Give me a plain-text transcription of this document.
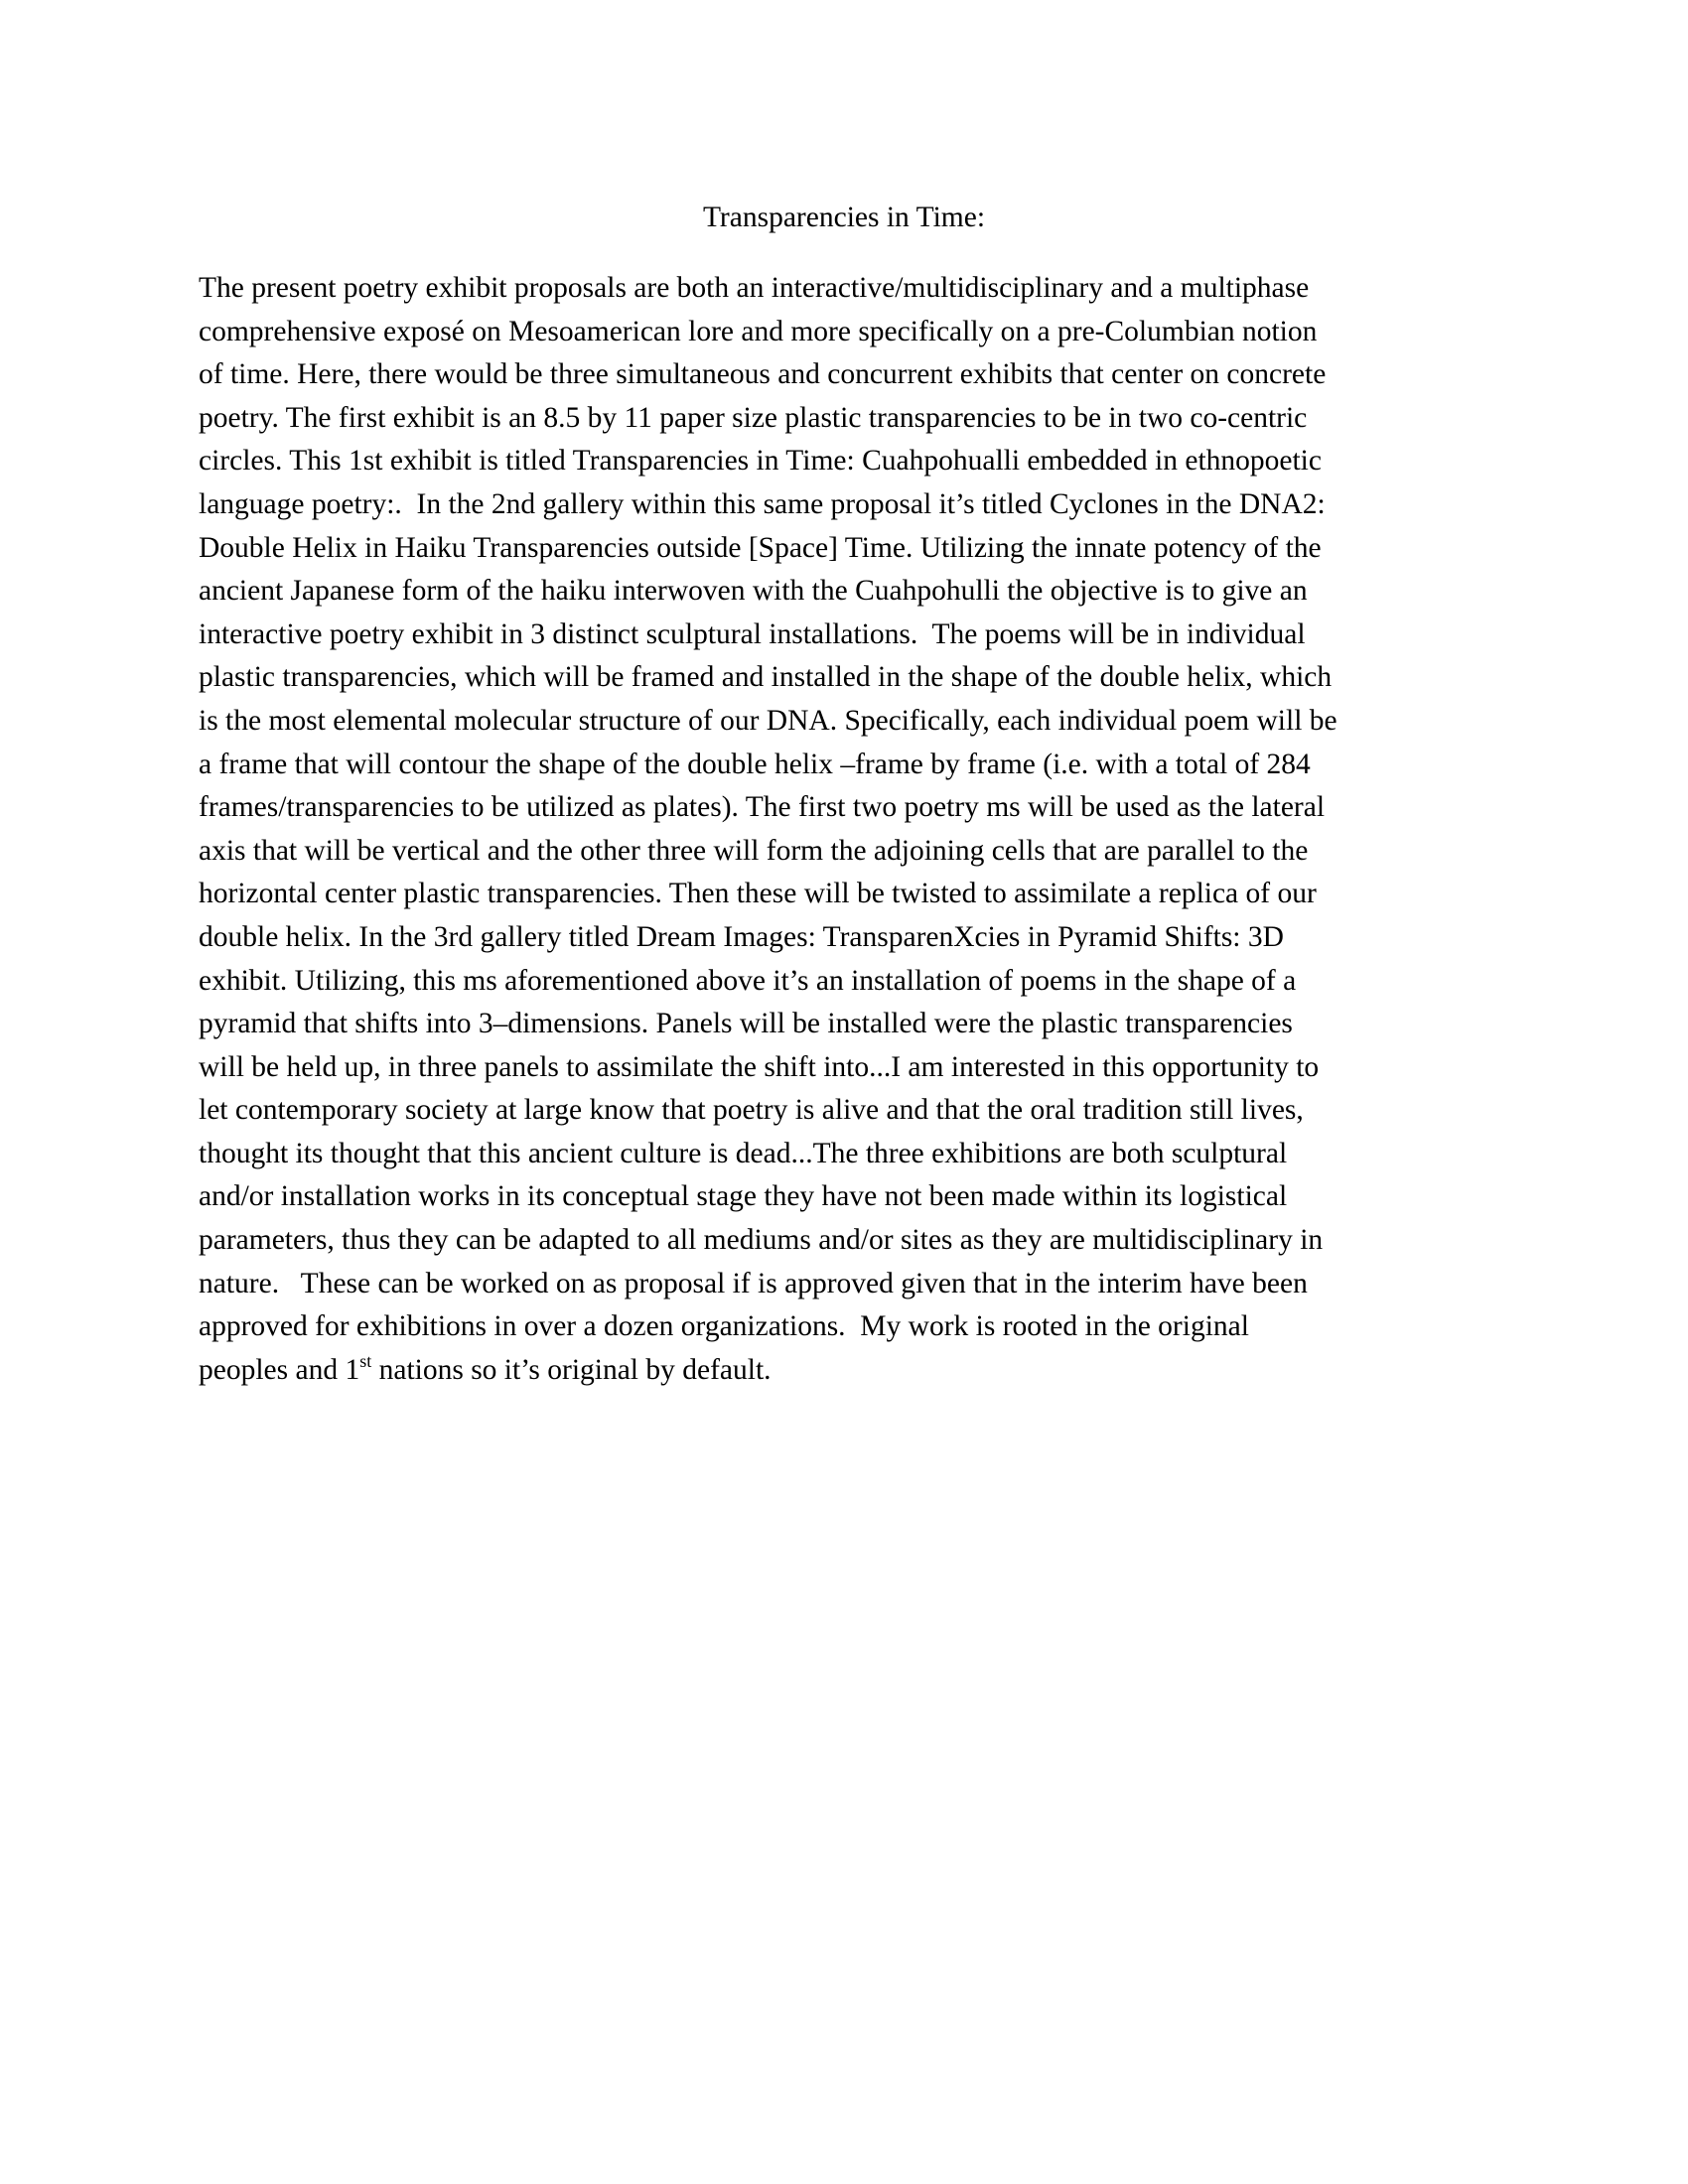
Transparencies in Time:
The present poetry exhibit proposals are both an interactive/multidisciplinary and a multiphase
comprehensive exposé on Mesoamerican lore and more specifically on a pre-Columbian notion
of time. Here, there would be three simultaneous and concurrent exhibits that center on concrete
poetry. The first exhibit is an 8.5 by 11 paper size plastic transparencies to be in two co-centric
circles. This 1st exhibit is titled Transparencies in Time: Cuahpohualli embedded in ethnopoetic
language poetry:.  In the 2nd gallery within this same proposal it’s titled Cyclones in the DNA2:
Double Helix in Haiku Transparencies outside [Space] Time. Utilizing the innate potency of the
ancient Japanese form of the haiku interwoven with the Cuahpohulli the objective is to give an
interactive poetry exhibit in 3 distinct sculptural installations.  The poems will be in individual
plastic transparencies, which will be framed and installed in the shape of the double helix, which
is the most elemental molecular structure of our DNA. Specifically, each individual poem will be
a frame that will contour the shape of the double helix –frame by frame (i.e. with a total of 284
frames/transparencies to be utilized as plates). The first two poetry ms will be used as the lateral
axis that will be vertical and the other three will form the adjoining cells that are parallel to the
horizontal center plastic transparencies. Then these will be twisted to assimilate a replica of our
double helix. In the 3rd gallery titled Dream Images: TransparenXcies in Pyramid Shifts: 3D
exhibit. Utilizing, this ms aforementioned above it’s an installation of poems in the shape of a
pyramid that shifts into 3–dimensions. Panels will be installed were the plastic transparencies
will be held up, in three panels to assimilate the shift into...I am interested in this opportunity to
let contemporary society at large know that poetry is alive and that the oral tradition still lives,
thought its thought that this ancient culture is dead...The three exhibitions are both sculptural
and/or installation works in its conceptual stage they have not been made within its logistical
parameters, thus they can be adapted to all mediums and/or sites as they are multidisciplinary in
nature.   These can be worked on as proposal if is approved given that in the interim have been
approved for exhibitions in over a dozen organizations.  My work is rooted in the original
peoples and 1st nations so it’s original by default.
